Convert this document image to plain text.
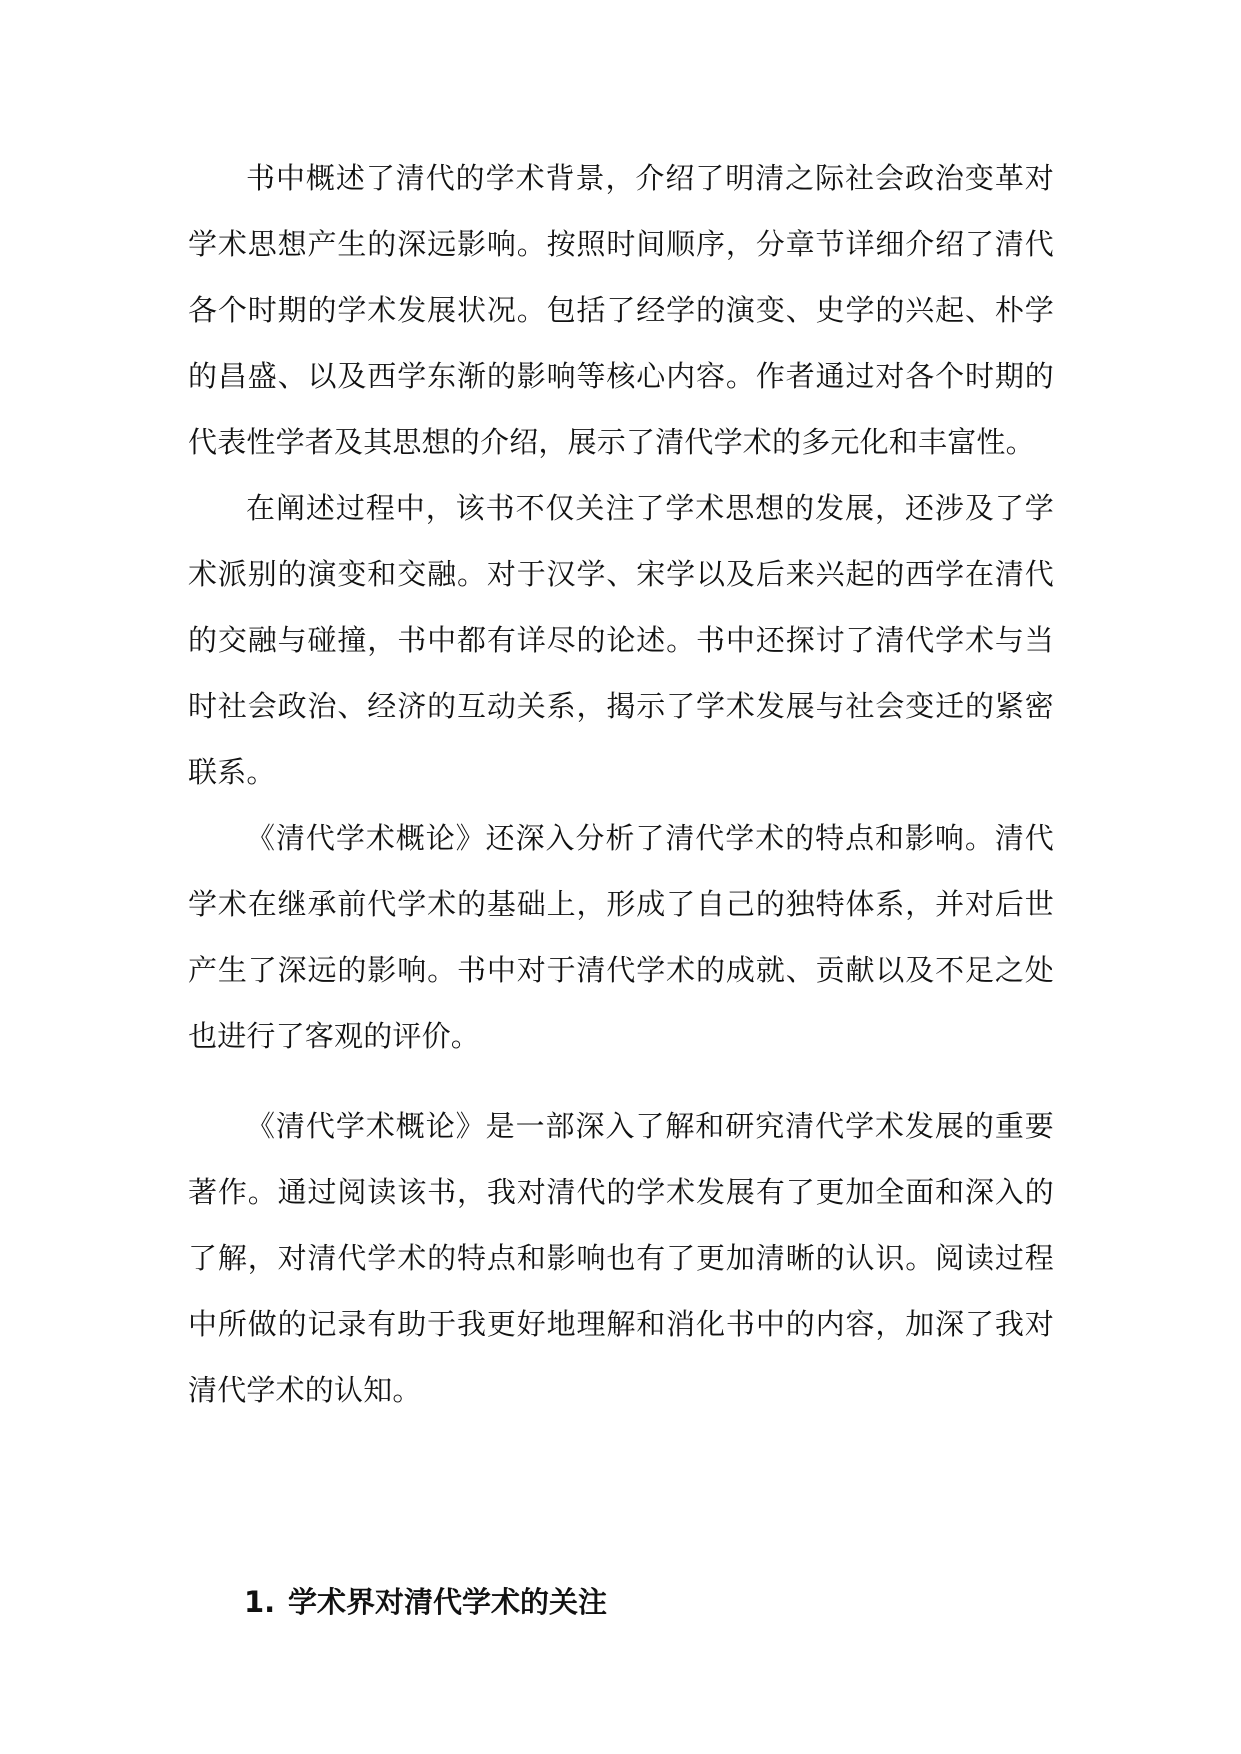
书中概述了清代的学术背景，介绍了明清之际社会政治变革对学术思想产生的深远影响。按照时间顺序，分章节详细介绍了清代各个时期的学术发展状况。包括了经学的演变、史学的兴起、朴学的昌盛、以及西学东渐的影响等核心内容。作者通过对各个时期的代表性学者及其思想的介绍，展示了清代学术的多元化和丰富性。

在阐述过程中，该书不仅关注了学术思想的发展，还涉及了学术派别的演变和交融。对于汉学、宋学以及后来兴起的西学在清代的交融与碰撞，书中都有详尽的论述。书中还探讨了清代学术与当时社会政治、经济的互动关系，揭示了学术发展与社会变迁的紧密联系。

《清代学术概论》还深入分析了清代学术的特点和影响。清代学术在继承前代学术的基础上，形成了自己的独特体系，并对后世产生了深远的影响。书中对于清代学术的成就、贡献以及不足之处也进行了客观的评价。

《清代学术概论》是一部深入了解和研究清代学术发展的重要著作。通过阅读该书，我对清代的学术发展有了更加全面和深入的了解，对清代学术的特点和影响也有了更加清晰的认识。阅读过程中所做的记录有助于我更好地理解和消化书中的内容，加深了我对清代学术的认知。

1. 学术界对清代学术的关注
